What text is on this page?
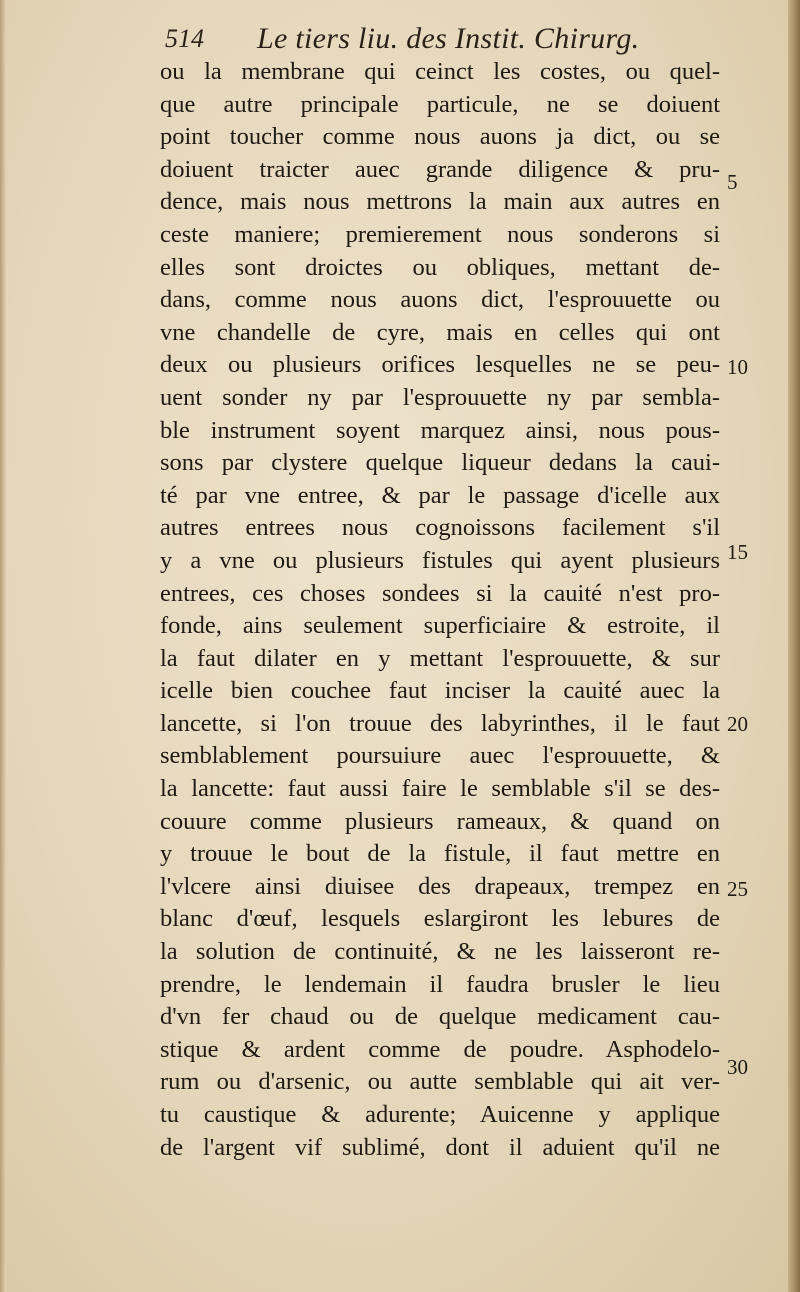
514 Le tiers liu. des Instit. Chirurg.
ou la membrane qui ceinct les costes, ou quel-
que autre principale particule, ne se doiuent
point toucher comme nous auons ja dict, ou se
doiuent traicter auec grande diligence & pru-
dence, mais nous mettrons la main aux autres en
ceste maniere; premierement nous sonderons si
elles sont droictes ou obliques, mettant de-
dans, comme nous auons dict, l'esprouuette ou
vne chandelle de cyre, mais en celles qui ont
deux ou plusieurs orifices lesquelles ne se peu-
uent sonder ny par l'esprouuette ny par sembla-
ble instrument soyent marquez ainsi, nous pous-
sons par clystere quelque liqueur dedans la caui-
té par vne entree, & par le passage d'icelle aux
autres entrees nous cognoissons facilement s'il
y a vne ou plusieurs fistules qui ayent plusieurs
entrees, ces choses sondees si la cauité n'est pro-
fonde, ains seulement superficiaire & estroite, il
la faut dilater en y mettant l'esprouuette, & sur
icelle bien couchee faut inciser la cauité auec la
lancette, si l'on trouue des labyrinthes, il le faut
semblablement poursuiure auec l'esprouuette, &
la lancette: faut aussi faire le semblable s'il se des-
couure comme plusieurs rameaux, & quand on
y trouue le bout de la fistule, il faut mettre en
l'vlcere ainsi diuisee des drapeaux, trempez en
blanc d'œuf, lesquels eslargiront les lebures de
la solution de continuité, & ne les laisseront re-
prendre, le lendemain il faudra brusler le lieu
d'vn fer chaud ou de quelque medicament cau-
stique & ardent comme de poudre. Asphodelo-
rum ou d'arsenic, ou autte semblable qui ait ver-
tu caustique & adurente; Auicenne y applique
de l'argent vif sublimé, dont il aduient qu'il ne
5
10
15
20
25
30
